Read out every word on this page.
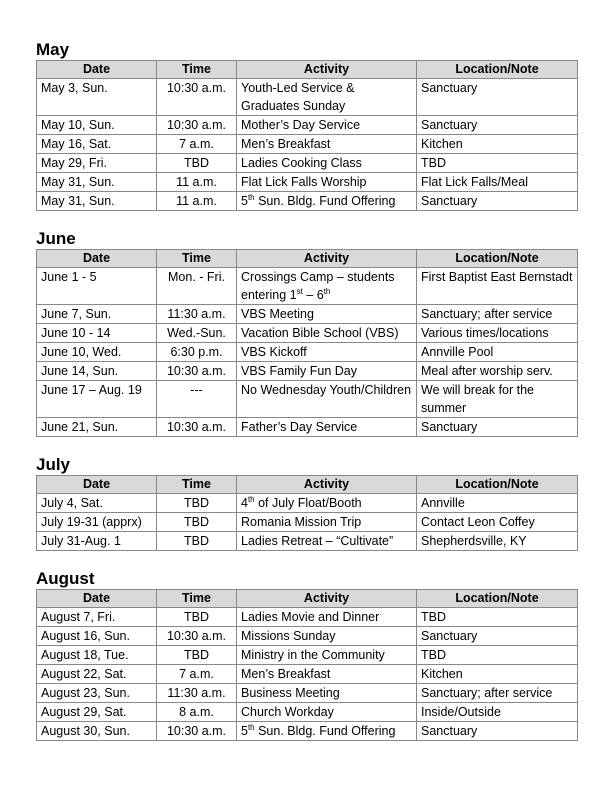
May
Date	Time	Activity	Location/Note
May 3, Sun.	10:30 a.m.	Youth-Led Service & Graduates Sunday	Sanctuary
May 10, Sun.	10:30 a.m.	Mother’s Day Service	Sanctuary
May 16, Sat.	7 a.m.	Men’s Breakfast	Kitchen
May 29, Fri.	TBD	Ladies Cooking Class	TBD
May 31, Sun.	11 a.m.	Flat Lick Falls Worship	Flat Lick Falls/Meal
May 31, Sun.	11 a.m.	5th Sun. Bldg. Fund Offering	Sanctuary
June
Date	Time	Activity	Location/Note
June 1 - 5	Mon. - Fri.	Crossings Camp – students entering 1st – 6th	First Baptist East Bernstadt
June 7, Sun.	11:30 a.m.	VBS Meeting	Sanctuary; after service
June 10 - 14	Wed.-Sun.	Vacation Bible School (VBS)	Various times/locations
June 10, Wed.	6:30 p.m.	VBS Kickoff	Annville Pool
June 14, Sun.	10:30 a.m.	VBS Family Fun Day	Meal after worship serv.
June 17 – Aug. 19	---	No Wednesday Youth/Children	We will break for the summer
June 21, Sun.	10:30 a.m.	Father’s Day Service	Sanctuary
July
Date	Time	Activity	Location/Note
July 4, Sat.	TBD	4th of July Float/Booth	Annville
July 19-31 (apprx)	TBD	Romania Mission Trip	Contact Leon Coffey
July 31-Aug. 1	TBD	Ladies Retreat – “Cultivate”	Shepherdsville, KY
August
Date	Time	Activity	Location/Note
August 7, Fri.	TBD	Ladies Movie and Dinner	TBD
August 16, Sun.	10:30 a.m.	Missions Sunday	Sanctuary
August 18, Tue.	TBD	Ministry in the Community	TBD
August 22, Sat.	7 a.m.	Men’s Breakfast	Kitchen
August 23, Sun.	11:30 a.m.	Business Meeting	Sanctuary; after service
August 29, Sat.	8 a.m.	Church Workday	Inside/Outside
August 30, Sun.	10:30 a.m.	5th Sun. Bldg. Fund Offering	Sanctuary
